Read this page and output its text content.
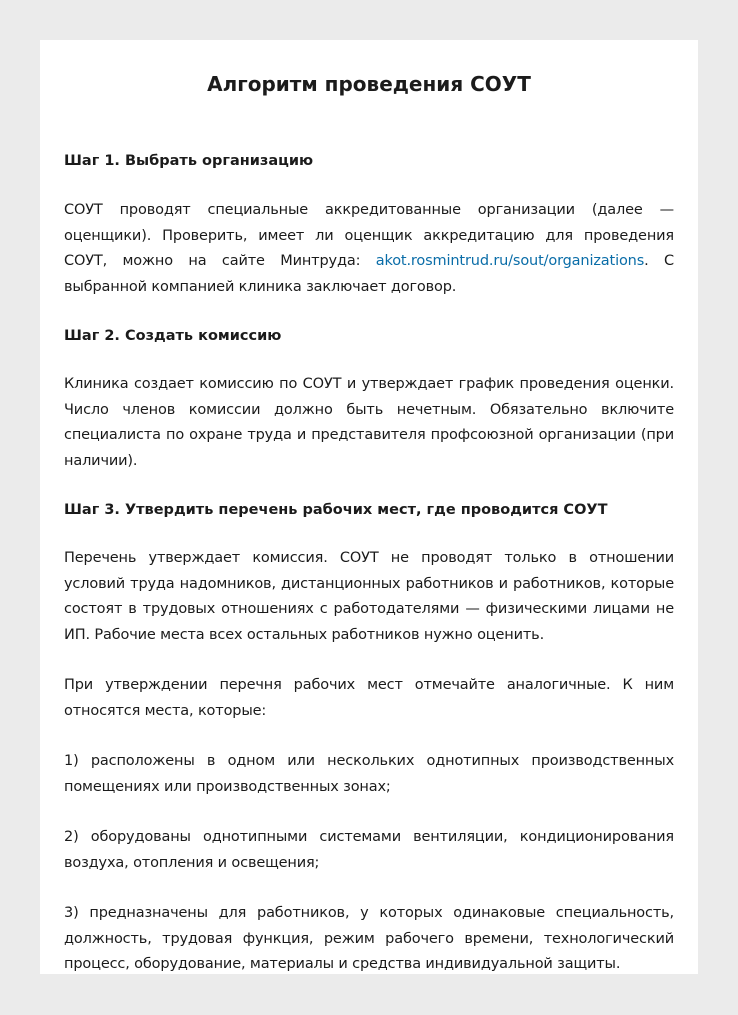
Алгоритм проведения СОУТ
Шаг 1. Выбрать организацию

СОУТ проводят специальные аккредитованные организации (далее — оценщики). Проверить, имеет ли оценщик аккредитацию для проведения СОУТ, можно на сайте Минтруда: akot.rosmintrud.ru/sout/organizations. С выбранной компанией клиника заключает договор.

Шаг 2. Создать комиссию

Клиника создает комиссию по СОУТ и утверждает график проведения оценки. Число членов комиссии должно быть нечетным. Обязательно включите специалиста по охране труда и представителя профсоюзной организации (при наличии).

Шаг 3. Утвердить перечень рабочих мест, где проводится СОУТ

Перечень утверждает комиссия. СОУТ не проводят только в отношении условий труда надомников, дистанционных работников и работников, которые состоят в трудовых отношениях с работодателями — физическими лицами не ИП. Рабочие места всех остальных работников нужно оценить.

При утверждении перечня рабочих мест отмечайте аналогичные. К ним относятся места, которые:

1) расположены в одном или нескольких однотипных производственных помещениях или производственных зонах;

2) оборудованы однотипными системами вентиляции, кондиционирования воздуха, отопления и освещения;

3) предназначены для работников, у которых одинаковые специальность, должность, трудовая функция, режим рабочего времени, технологический процесс, оборудование, материалы и средства индивидуальной защиты.
